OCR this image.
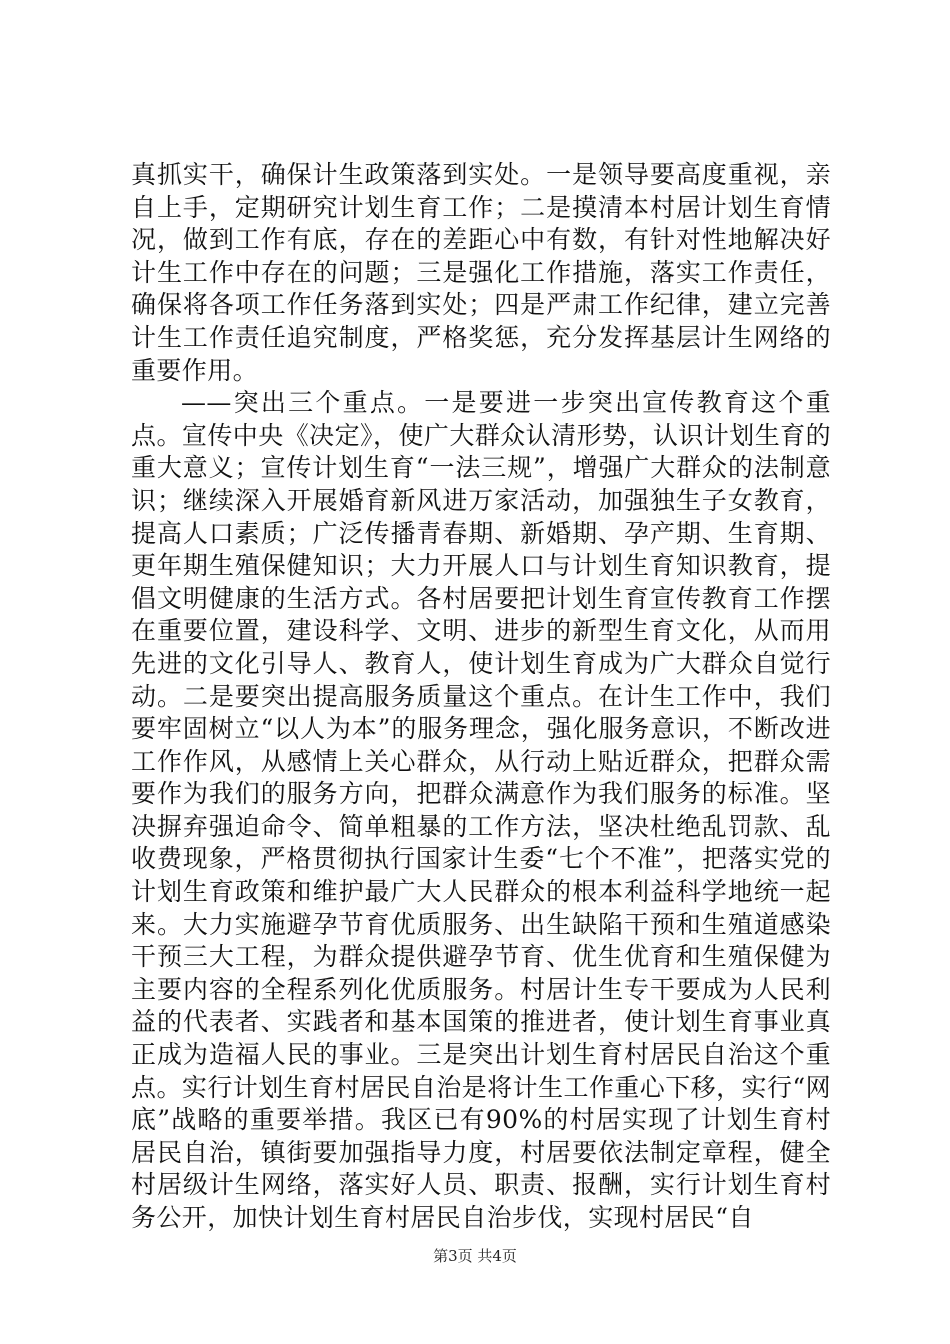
真抓实干，确保计生政策落到实处。一是领导要高度重视，亲自上手，定期研究计划生育工作；二是摸清本村居计划生育情况，做到工作有底，存在的差距心中有数，有针对性地解决好计生工作中存在的问题；三是强化工作措施，落实工作责任，确保将各项工作任务落到实处；四是严肃工作纪律，建立完善计生工作责任追究制度，严格奖惩，充分发挥基层计生网络的重要作用。

——突出三个重点。一是要进一步突出宣传教育这个重点。宣传中央《决定》，使广大群众认清形势，认识计划生育的重大意义；宣传计划生育“一法三规”，增强广大群众的法制意识；继续深入开展婚育新风进万家活动，加强独生子女教育，提高人口素质；广泛传播青春期、新婚期、孕产期、生育期、更年期生殖保健知识；大力开展人口与计划生育知识教育，提倡文明健康的生活方式。各村居要把计划生育宣传教育工作摆在重要位置，建设科学、文明、进步的新型生育文化，从而用先进的文化引导人、教育人，使计划生育成为广大群众自觉行动。二是要突出提高服务质量这个重点。在计生工作中，我们要牢固树立“以人为本”的服务理念，强化服务意识，不断改进工作作风，从感情上关心群众，从行动上贴近群众，把群众需要作为我们的服务方向，把群众满意作为我们服务的标准。坚决摒弃强迫命令、简单粗暴的工作方法，坚决杜绝乱罚款、乱收费现象，严格贯彻执行国家计生委“七个不准”，把落实党的计划生育政策和维护最广大人民群众的根本利益科学地统一起来。大力实施避孕节育优质服务、出生缺陷干预和生殖道感染干预三大工程，为群众提供避孕节育、优生优育和生殖保健为主要内容的全程系列化优质服务。村居计生专干要成为人民利益的代表者、实践者和基本国策的推进者，使计划生育事业真正成为造福人民的事业。三是突出计划生育村居民自治这个重点。实行计划生育村居民自治是将计生工作重心下移，实行“网底”战略的重要举措。我区已有90%的村居实现了计划生育村居民自治，镇街要加强指导力度，村居要依法制定章程，健全村居级计生网络，落实好人员、职责、报酬，实行计划生育村务公开，加快计划生育村居民自治步伐，实现村居民“自

第3页 共4页
